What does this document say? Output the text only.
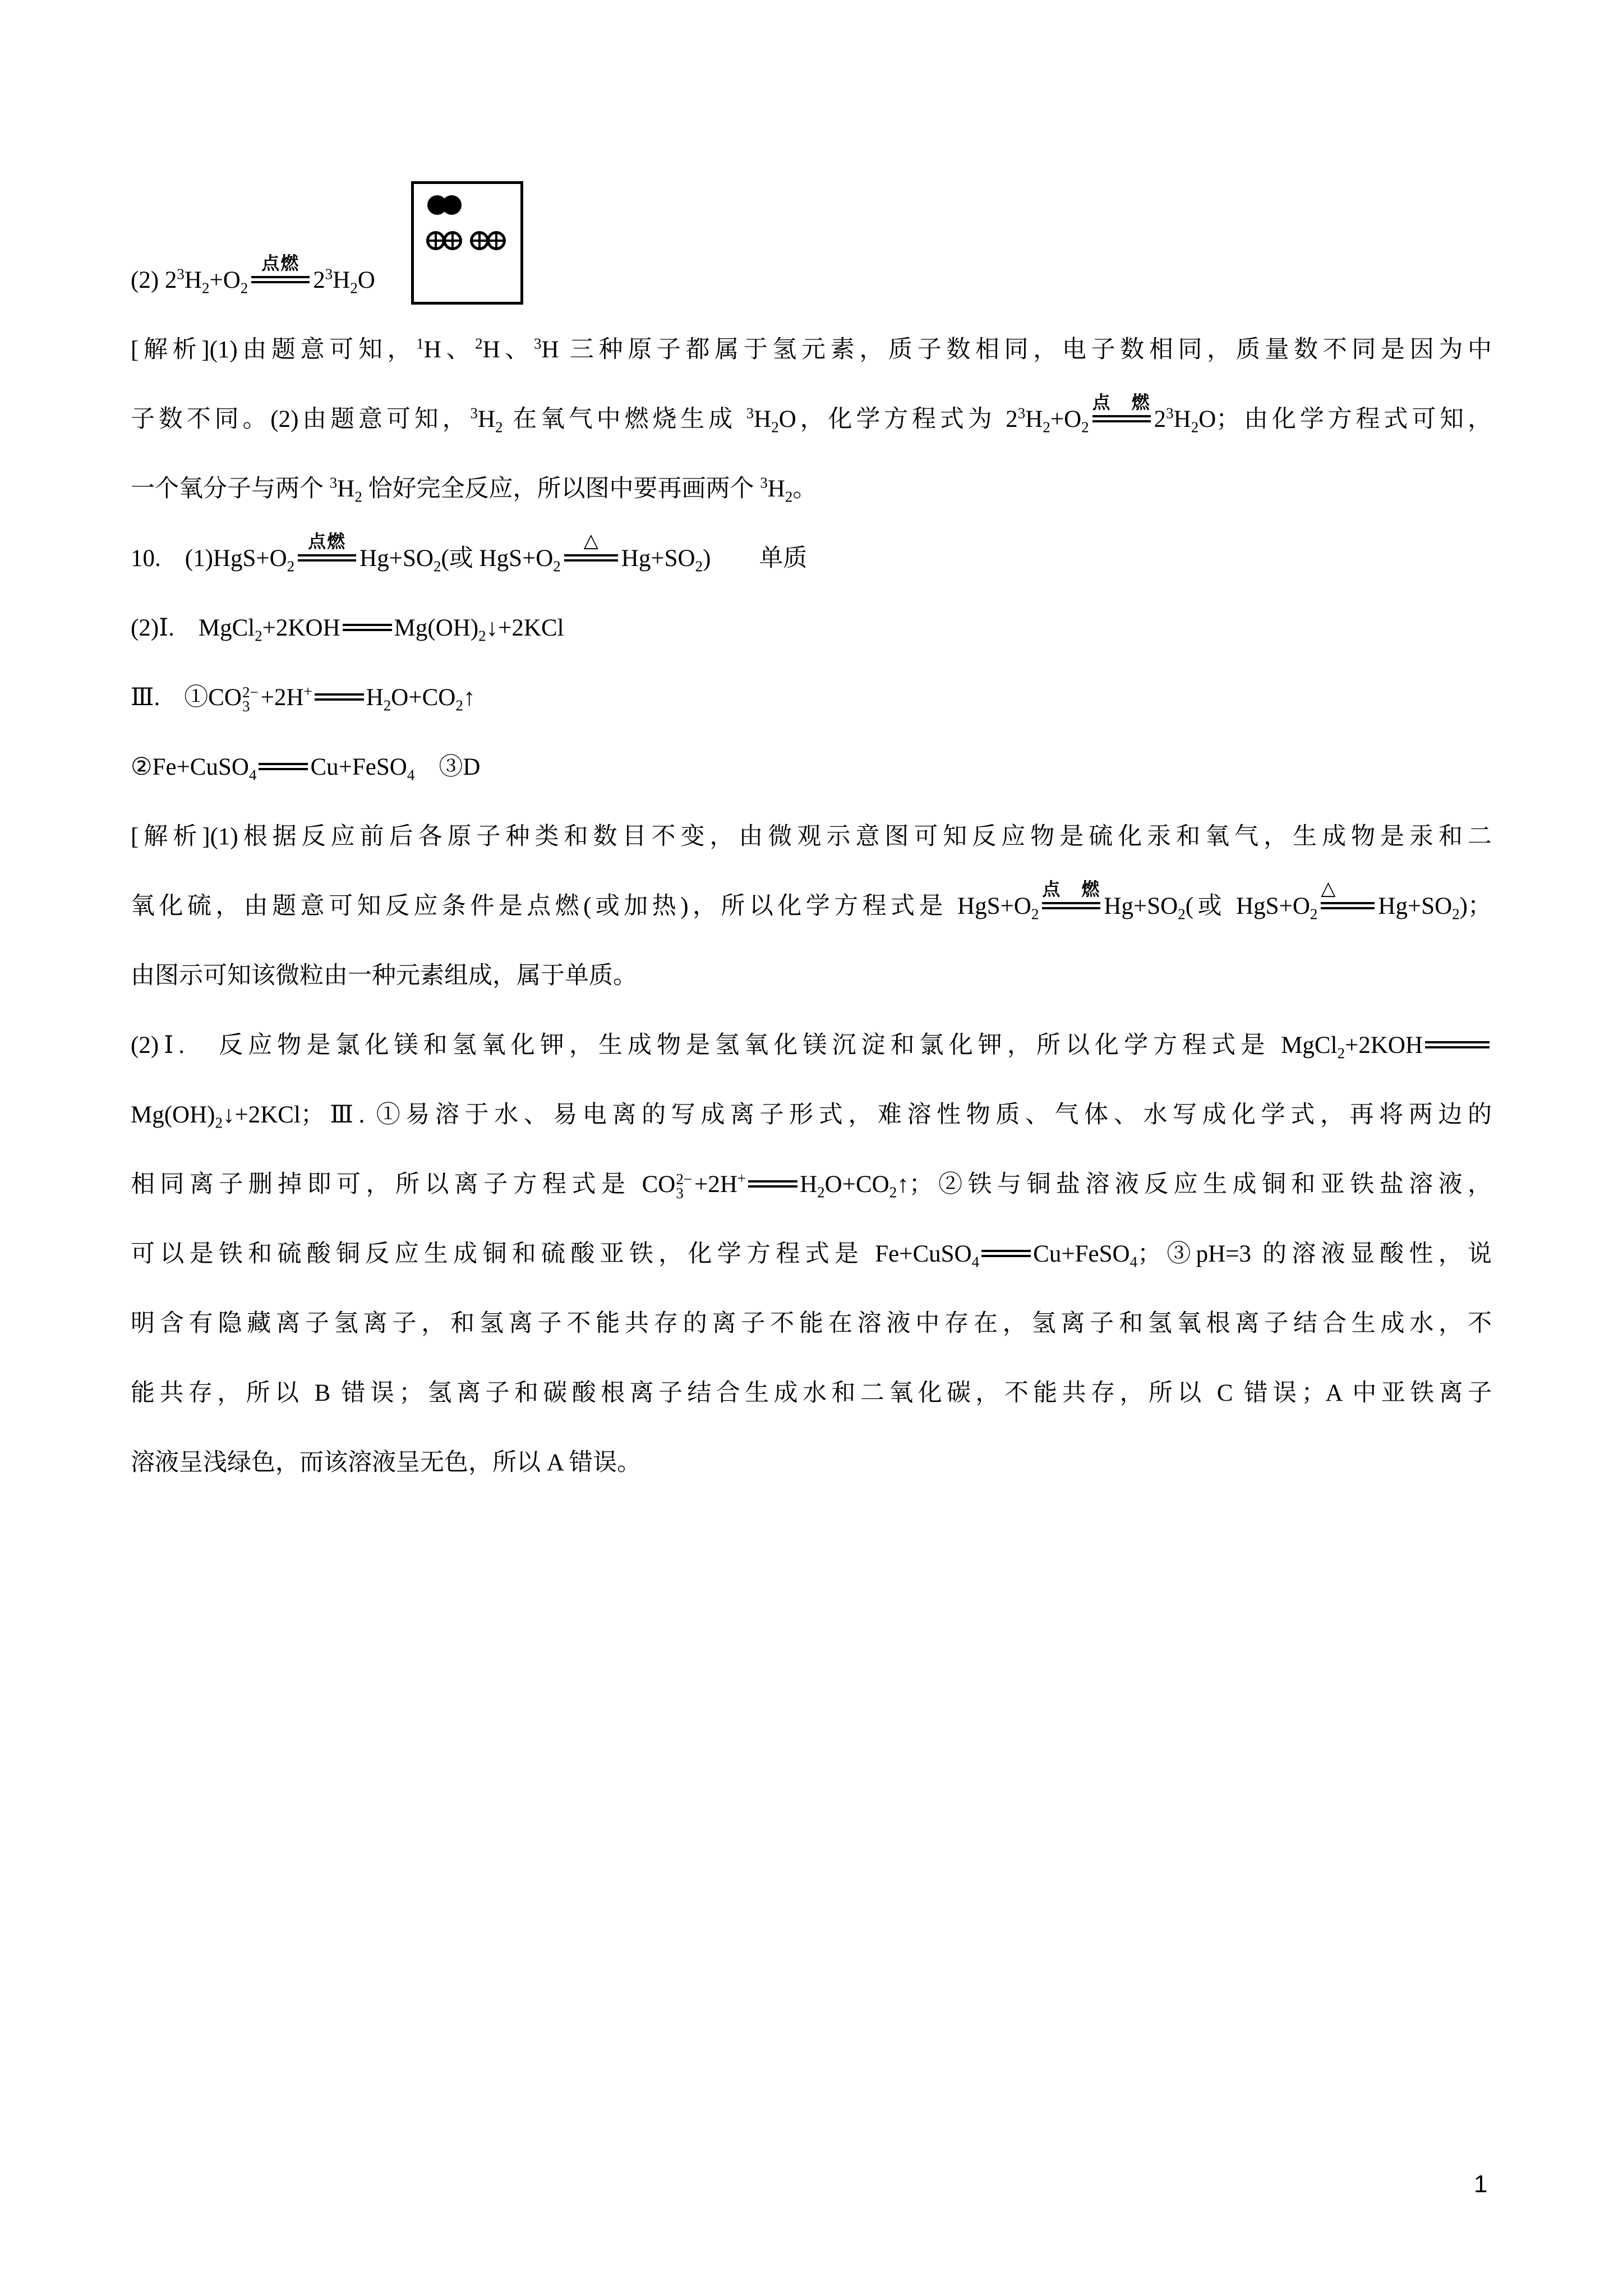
(2) $2^3H_2+O_2$
点燃
$2^3H_2O$
[解析](1)由题意可知，$^1$H、$^2$H、$^3$H 三种原子都属于氢元素，质子数相同，电子数相同，质量数不同是因为中
子数不同。(2)由题意可知，$^3H_2$ 在氧气中燃烧生成 $^3H_2O$，化学方程式为 $2^3H_2+O_2$
点燃
$2^3H_2O$；由化学方程式可知，
一个氧分子与两个 $^3H_2$ 恰好完全反应，所以图中要再画两个 $^3H_2$。
10.　$(1)HgS+O_2$
点燃
$Hg+SO_2$(或 $HgS+O_2$
△
$Hg+SO_2$)　　单质
(2)Ⅰ.　MgCl$_2$+2KOH $Mg(OH)_2↓+2KCl$
Ⅲ.　①CO 2−
3 +2H+ $H_2O+CO_2↑$
②Fe+CuSO$_4$ Cu+FeSO$_4$　③D
[解析](1)根据反应前后各原子种类和数目不变，由微观示意图可知反应物是硫化汞和氧气，生成物是汞和二
氧化硫，由题意可知反应条件是点燃(或加热)，所以化学方程式是 $HgS+O_2$
点燃
$Hg+SO_2$(或 $HgS+O_2$
△
$Hg+SO_2$)；
由图示可知该微粒由一种元素组成，属于单质。
(2)Ⅰ.　反应物是氯化镁和氢氧化钾，生成物是氢氧化镁沉淀和氯化钾，所以化学方程式是 MgCl$_2$+2KOH
$Mg(OH)_2↓+2KCl$；Ⅲ. ①易溶于水、易电离的写成离子形式，难溶性物质、气体、水写成化学式，再将两边的
相同离子删掉即可，所以离子方程式是 CO 2−
3 +2H+ $H_2O+CO_2↑$；②铁与铜盐溶液反应生成铜和亚铁盐溶液，
可以是铁和硫酸铜反应生成铜和硫酸亚铁，化学方程式是 Fe+CuSO$_4$ Cu+FeSO$_4$；③pH=3 的溶液显酸性，说
明含有隐藏离子氢离子，和氢离子不能共存的离子不能在溶液中存在，氢离子和氢氧根离子结合生成水，不
能共存，所以 B 错误；氢离子和碳酸根离子结合生成水和二氧化碳，不能共存，所以 C 错误；A 中亚铁离子
溶液呈浅绿色，而该溶液呈无色，所以 A 错误。
1
